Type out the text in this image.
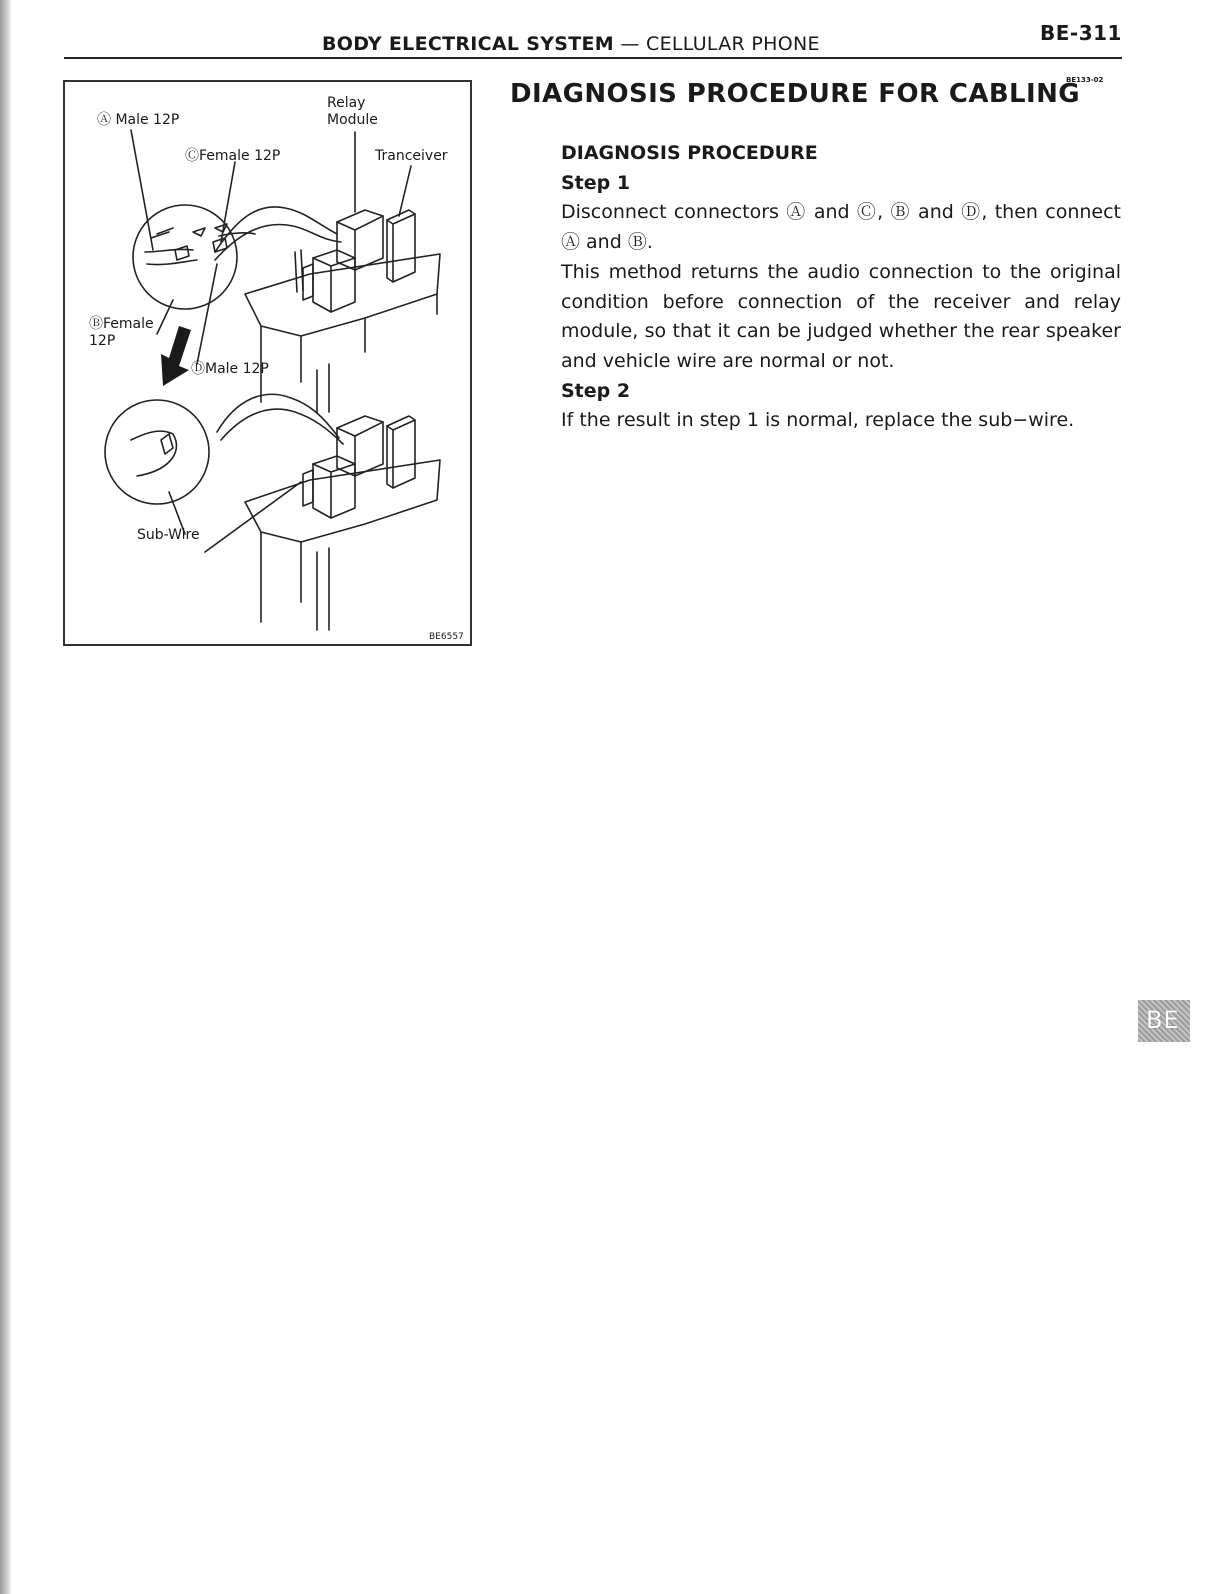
BODY ELECTRICAL SYSTEM — CELLULAR PHONE	BE-311
Ⓐ Male 12P
Relay Module
ⒸFemale 12P	Tranceiver
ⒷFemale 12P
ⒹMale 12P
Sub-Wire
BE6557
BE133-02
DIAGNOSIS PROCEDURE FOR CABLING
DIAGNOSIS PROCEDURE
Step 1
Disconnect connectors Ⓐ and Ⓒ, Ⓑ and Ⓓ, then connect Ⓐ and Ⓑ.
This method returns the audio connection to the original condition before connection of the receiver and relay module, so that it can be judged whether the rear speaker and vehicle wire are normal or not.
Step 2
If the result in step 1 is normal, replace the sub−wire.
BE
